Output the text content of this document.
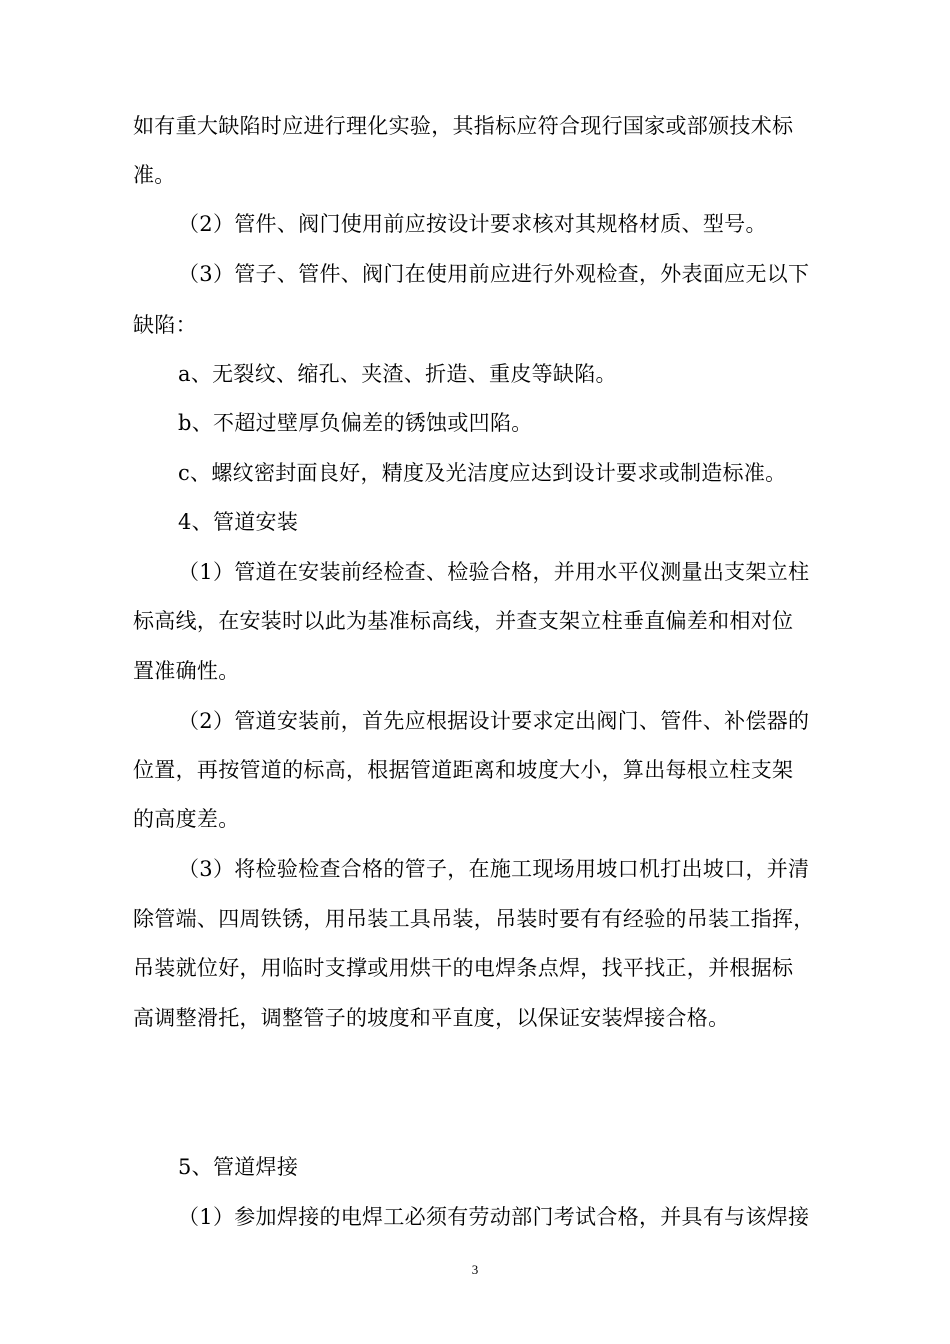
如有重大缺陷时应进行理化实验，其指标应符合现行国家或部颁技术标
准。
（2）管件、阀门使用前应按设计要求核对其规格材质、型号。
（3）管子、管件、阀门在使用前应进行外观检查，外表面应无以下
缺陷：
a、无裂纹、缩孔、夹渣、折造、重皮等缺陷。
b、不超过壁厚负偏差的锈蚀或凹陷。
c、螺纹密封面良好，精度及光洁度应达到设计要求或制造标准。
4、管道安装
（1）管道在安装前经检查、检验合格，并用水平仪测量出支架立柱
标高线，在安装时以此为基准标高线，并查支架立柱垂直偏差和相对位
置准确性。
（2）管道安装前，首先应根据设计要求定出阀门、管件、补偿器的
位置，再按管道的标高，根据管道距离和坡度大小，算出每根立柱支架
的高度差。
（3）将检验检查合格的管子，在施工现场用坡口机打出坡口，并清
除管端、四周铁锈，用吊装工具吊装，吊装时要有有经验的吊装工指挥，
吊装就位好，用临时支撑或用烘干的电焊条点焊，找平找正，并根据标
高调整滑托，调整管子的坡度和平直度，以保证安装焊接合格。
5、管道焊接
（1）参加焊接的电焊工必须有劳动部门考试合格，并具有与该焊接
3
